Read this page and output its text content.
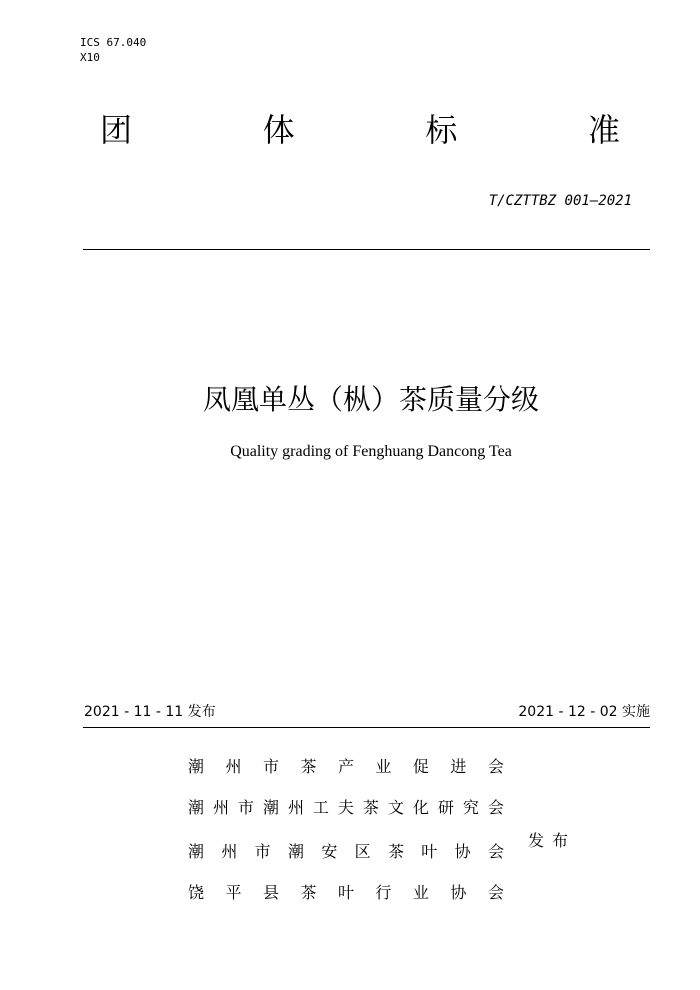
ICS 67.040
X10
团	体	标	准
T/CZTTBZ 001—2021
凤凰单丛（枞）茶质量分级
Quality grading of Fenghuang Dancong Tea
2021 - 11 - 11 发布	2021 - 12 - 02 实施
潮 州 市 茶 产 业 促 进 会
潮 州 市 潮 州 工 夫 茶 文 化 研 究 会
潮 州 市 潮 安 区 茶 叶 协 会
饶 平 县 茶 叶 行 业 协 会
发布
